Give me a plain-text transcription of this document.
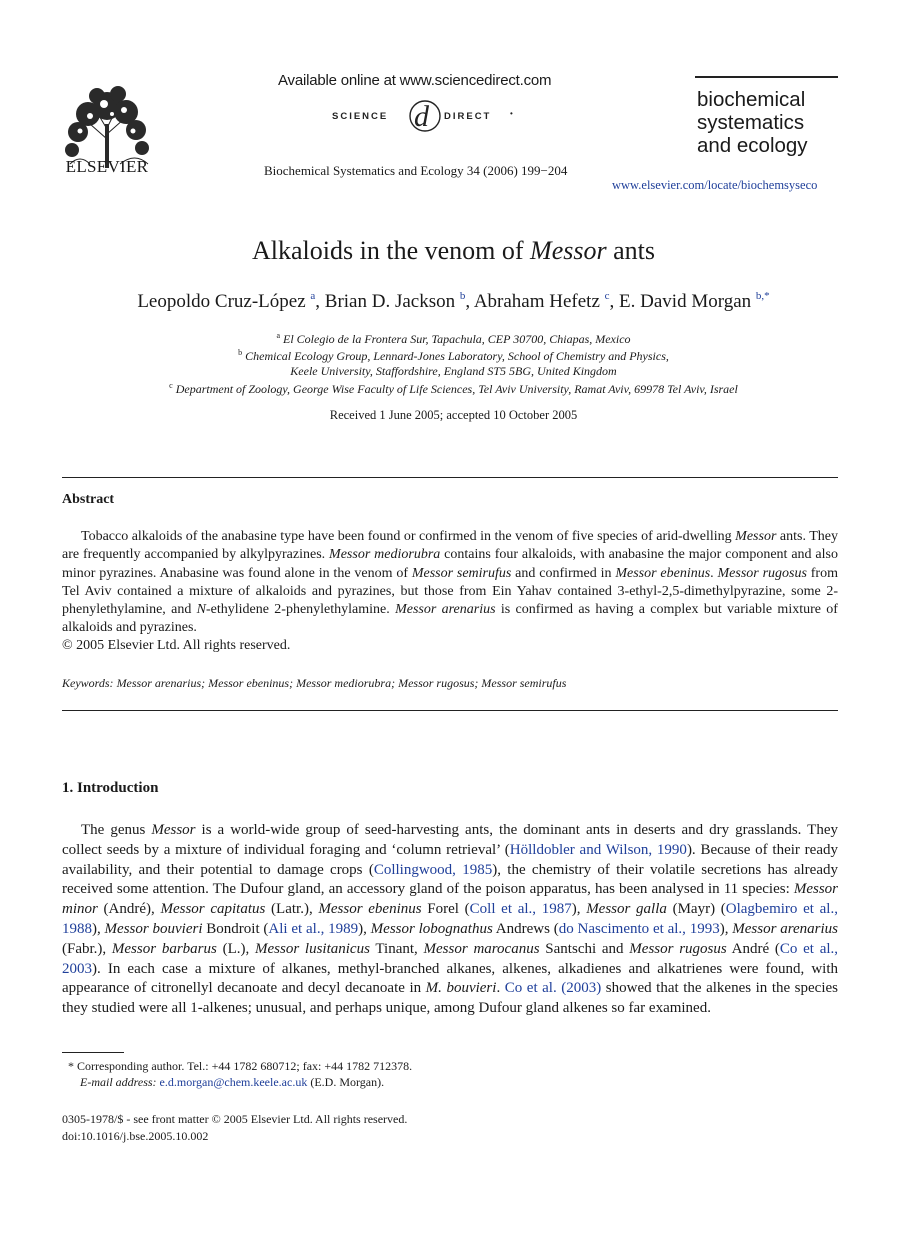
ELSEVIER
Available online at www.sciencedirect.com
SCIENCE d DIRECT •
Biochemical Systematics and Ecology 34 (2006) 199−204
biochemical
systematics
and ecology
www.elsevier.com/locate/biochemsyseco
Alkaloids in the venom of Messor ants
Leopoldo Cruz-López $^a$, Brian D. Jackson $^b$, Abraham Hefetz $^c$, E. David Morgan $^{b,*}$
$^a$ El Colegio de la Frontera Sur, Tapachula, CEP 30700, Chiapas, Mexico
$^b$ Chemical Ecology Group, Lennard-Jones Laboratory, School of Chemistry and Physics,
Keele University, Staffordshire, England ST5 5BG, United Kingdom
$^c$ Department of Zoology, George Wise Faculty of Life Sciences, Tel Aviv University, Ramat Aviv, 69978 Tel Aviv, Israel
Received 1 June 2005; accepted 10 October 2005
Abstract
Tobacco alkaloids of the anabasine type have been found or confirmed in the venom of five species of arid-dwelling Messor ants. They are frequently accompanied by alkylpyrazines. Messor mediorubra contains four alkaloids, with anabasine the major component and also minor pyrazines. Anabasine was found alone in the venom of Messor semirufus and confirmed in Messor ebeninus. Messor rugosus from Tel Aviv contained a mixture of alkaloids and pyrazines, but those from Ein Yahav contained 3-ethyl-2,5-dimethylpyrazine, some 2-phenylethylamine, and N-ethylidene 2-phenylethylamine. Messor arenarius is confirmed as having a complex but variable mixture of alkaloids and pyrazines.
© 2005 Elsevier Ltd. All rights reserved.
Keywords: Messor arenarius; Messor ebeninus; Messor mediorubra; Messor rugosus; Messor semirufus
1. Introduction
The genus Messor is a world-wide group of seed-harvesting ants, the dominant ants in deserts and dry grasslands. They collect seeds by a mixture of individual foraging and ‘column retrieval’ (Hölldobler and Wilson, 1990). Because of their ready availability, and their potential to damage crops (Collingwood, 1985), the chemistry of their volatile secretions has already received some attention. The Dufour gland, an accessory gland of the poison apparatus, has been analysed in 11 species: Messor minor (André), Messor capitatus (Latr.), Messor ebeninus Forel (Coll et al., 1987), Messor galla (Mayr) (Olagbemiro et al., 1988), Messor bouvieri Bondroit (Ali et al., 1989), Messor lobognathus Andrews (do Nascimento et al., 1993), Messor arenarius (Fabr.), Messor barbarus (L.), Messor lusitanicus Tinant, Messor marocanus Santschi and Messor rugosus André (Co et al., 2003). In each case a mixture of alkanes, methyl-branched alkanes, alkenes, alkadienes and alkatrienes were found, with appearance of citronellyl decanoate and decyl decanoate in M. bouvieri. Co et al. (2003) showed that the alkenes in the species they studied were all 1-alkenes; unusual, and perhaps unique, among Dufour gland alkenes so far examined.
* Corresponding author. Tel.: +44 1782 680712; fax: +44 1782 712378.
E-mail address: e.d.morgan@chem.keele.ac.uk (E.D. Morgan).
0305-1978/$ - see front matter © 2005 Elsevier Ltd. All rights reserved.
doi:10.1016/j.bse.2005.10.002
